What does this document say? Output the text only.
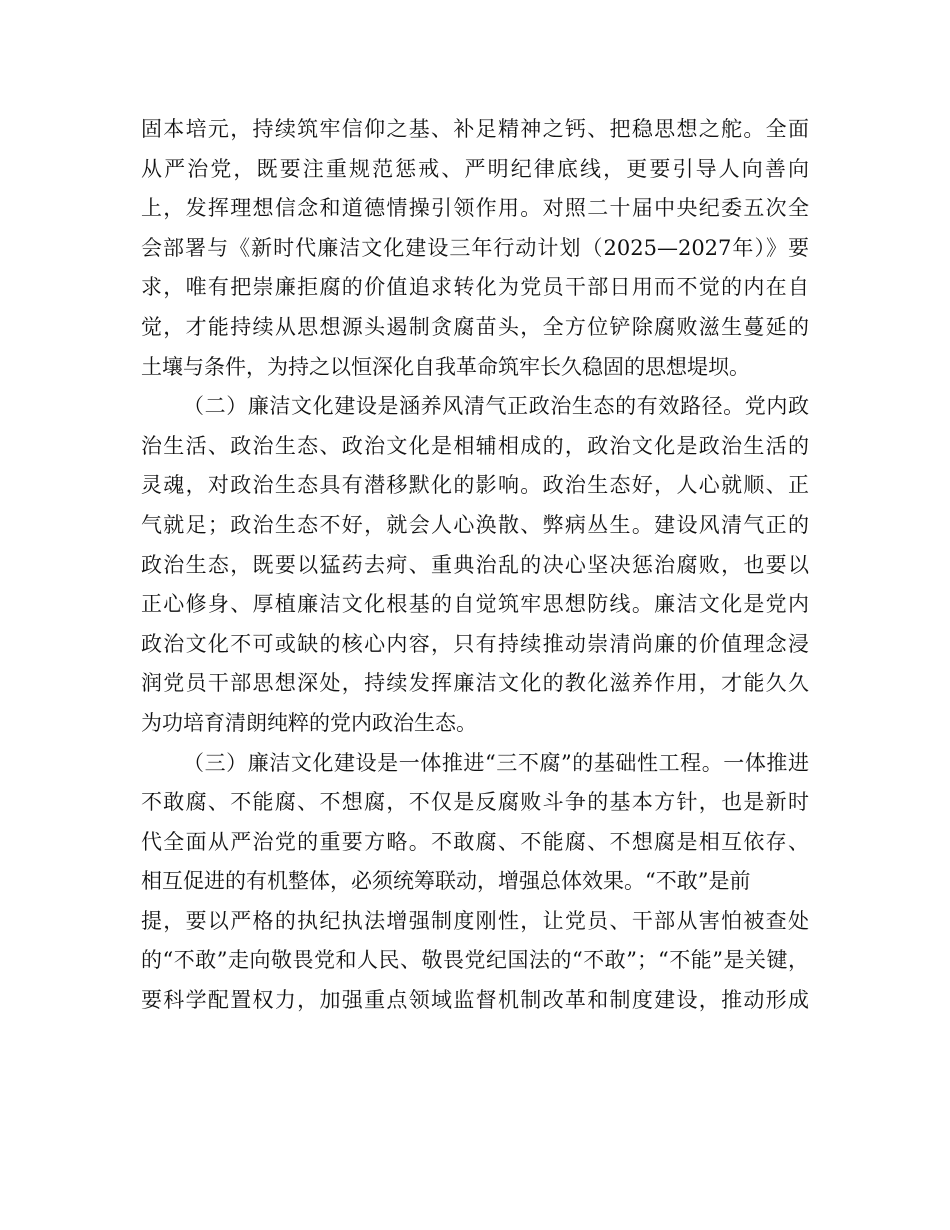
固本培元，持续筑牢信仰之基、补足精神之钙、把稳思想之舵。全面
从严治党，既要注重规范惩戒、严明纪律底线，更要引导人向善向
上，发挥理想信念和道德情操引领作用。对照二十届中央纪委五次全
会部署与《新时代廉洁文化建设三年行动计划（2025—2027年）》要
求，唯有把崇廉拒腐的价值追求转化为党员干部日用而不觉的内在自
觉，才能持续从思想源头遏制贪腐苗头，全方位铲除腐败滋生蔓延的
土壤与条件，为持之以恒深化自我革命筑牢长久稳固的思想堤坝。
（二）廉洁文化建设是涵养风清气正政治生态的有效路径。党内政
治生活、政治生态、政治文化是相辅相成的，政治文化是政治生活的
灵魂，对政治生态具有潜移默化的影响。政治生态好，人心就顺、正
气就足；政治生态不好，就会人心涣散、弊病丛生。建设风清气正的
政治生态，既要以猛药去疴、重典治乱的决心坚决惩治腐败，也要以
正心修身、厚植廉洁文化根基的自觉筑牢思想防线。廉洁文化是党内
政治文化不可或缺的核心内容，只有持续推动崇清尚廉的价值理念浸
润党员干部思想深处，持续发挥廉洁文化的教化滋养作用，才能久久
为功培育清朗纯粹的党内政治生态。
（三）廉洁文化建设是一体推进“三不腐”的基础性工程。一体推进
不敢腐、不能腐、不想腐，不仅是反腐败斗争的基本方针，也是新时
代全面从严治党的重要方略。不敢腐、不能腐、不想腐是相互依存、
相互促进的有机整体，必须统筹联动，增强总体效果。“不敢”是前
提，要以严格的执纪执法增强制度刚性，让党员、干部从害怕被查处
的“不敢”走向敬畏党和人民、敬畏党纪国法的“不敢”；“不能”是关键，
要科学配置权力，加强重点领域监督机制改革和制度建设，推动形成
